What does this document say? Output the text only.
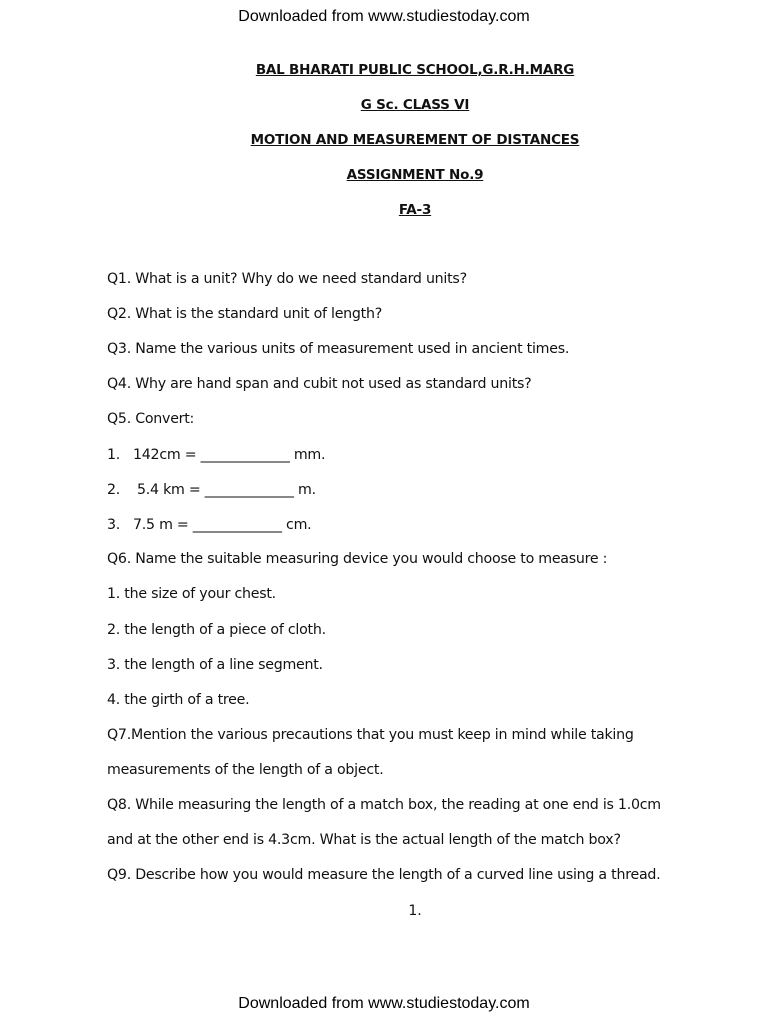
Downloaded from www.studiestoday.com
BAL BHARATI PUBLIC SCHOOL,G.R.H.MARG
G Sc. CLASS VI
MOTION AND MEASUREMENT OF DISTANCES
ASSIGNMENT No.9
FA-3
Q1. What is a unit? Why do we need standard units?
Q2. What is the standard unit of length?
Q3. Name the various units of measurement used in ancient times.
Q4. Why are hand span and cubit not used as standard units?
Q5. Convert:
1. 142cm = _____________ mm.
2. 5.4 km = _____________ m.
3. 7.5 m = _____________ cm.
Q6. Name the suitable measuring device you would choose to measure :
1. the size of your chest.
2. the length of a piece of cloth.
3. the length of a line segment.
4. the girth of a tree.
Q7.Mention the various precautions that you must keep in mind while taking
measurements of the length of a object.
Q8. While measuring the length of a match box, the reading at one end is 1.0cm
and at the other end is 4.3cm. What is the actual length of the match box?
Q9. Describe how you would measure the length of a curved line using a thread.
1.
Downloaded from www.studiestoday.com
